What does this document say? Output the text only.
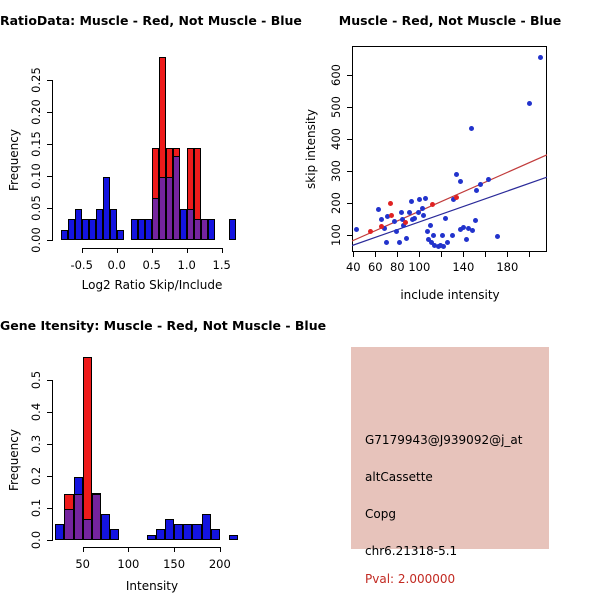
RatioData: Muscle - Red, Not Muscle - Blue
Frequency
Log2 Ratio Skip/Include
0.00
0.05
0.10
0.15
0.20
0.25
-0.5	0.0	0.5	1.0	1.5
Muscle - Red, Not Muscle - Blue
skip intensity
include intensity
40 60 80 100	140	180
100
200
300
400
500
600
Gene Itensity: Muscle - Red, Not Muscle - Blue
Frequency
Intensity
0.0
0.1
0.2
0.3
0.4
0.5
50	100	150	200
G7179943@J939092@j_at
altCassette
Copg
chr6.21318-5.1
Pval: 2.000000
